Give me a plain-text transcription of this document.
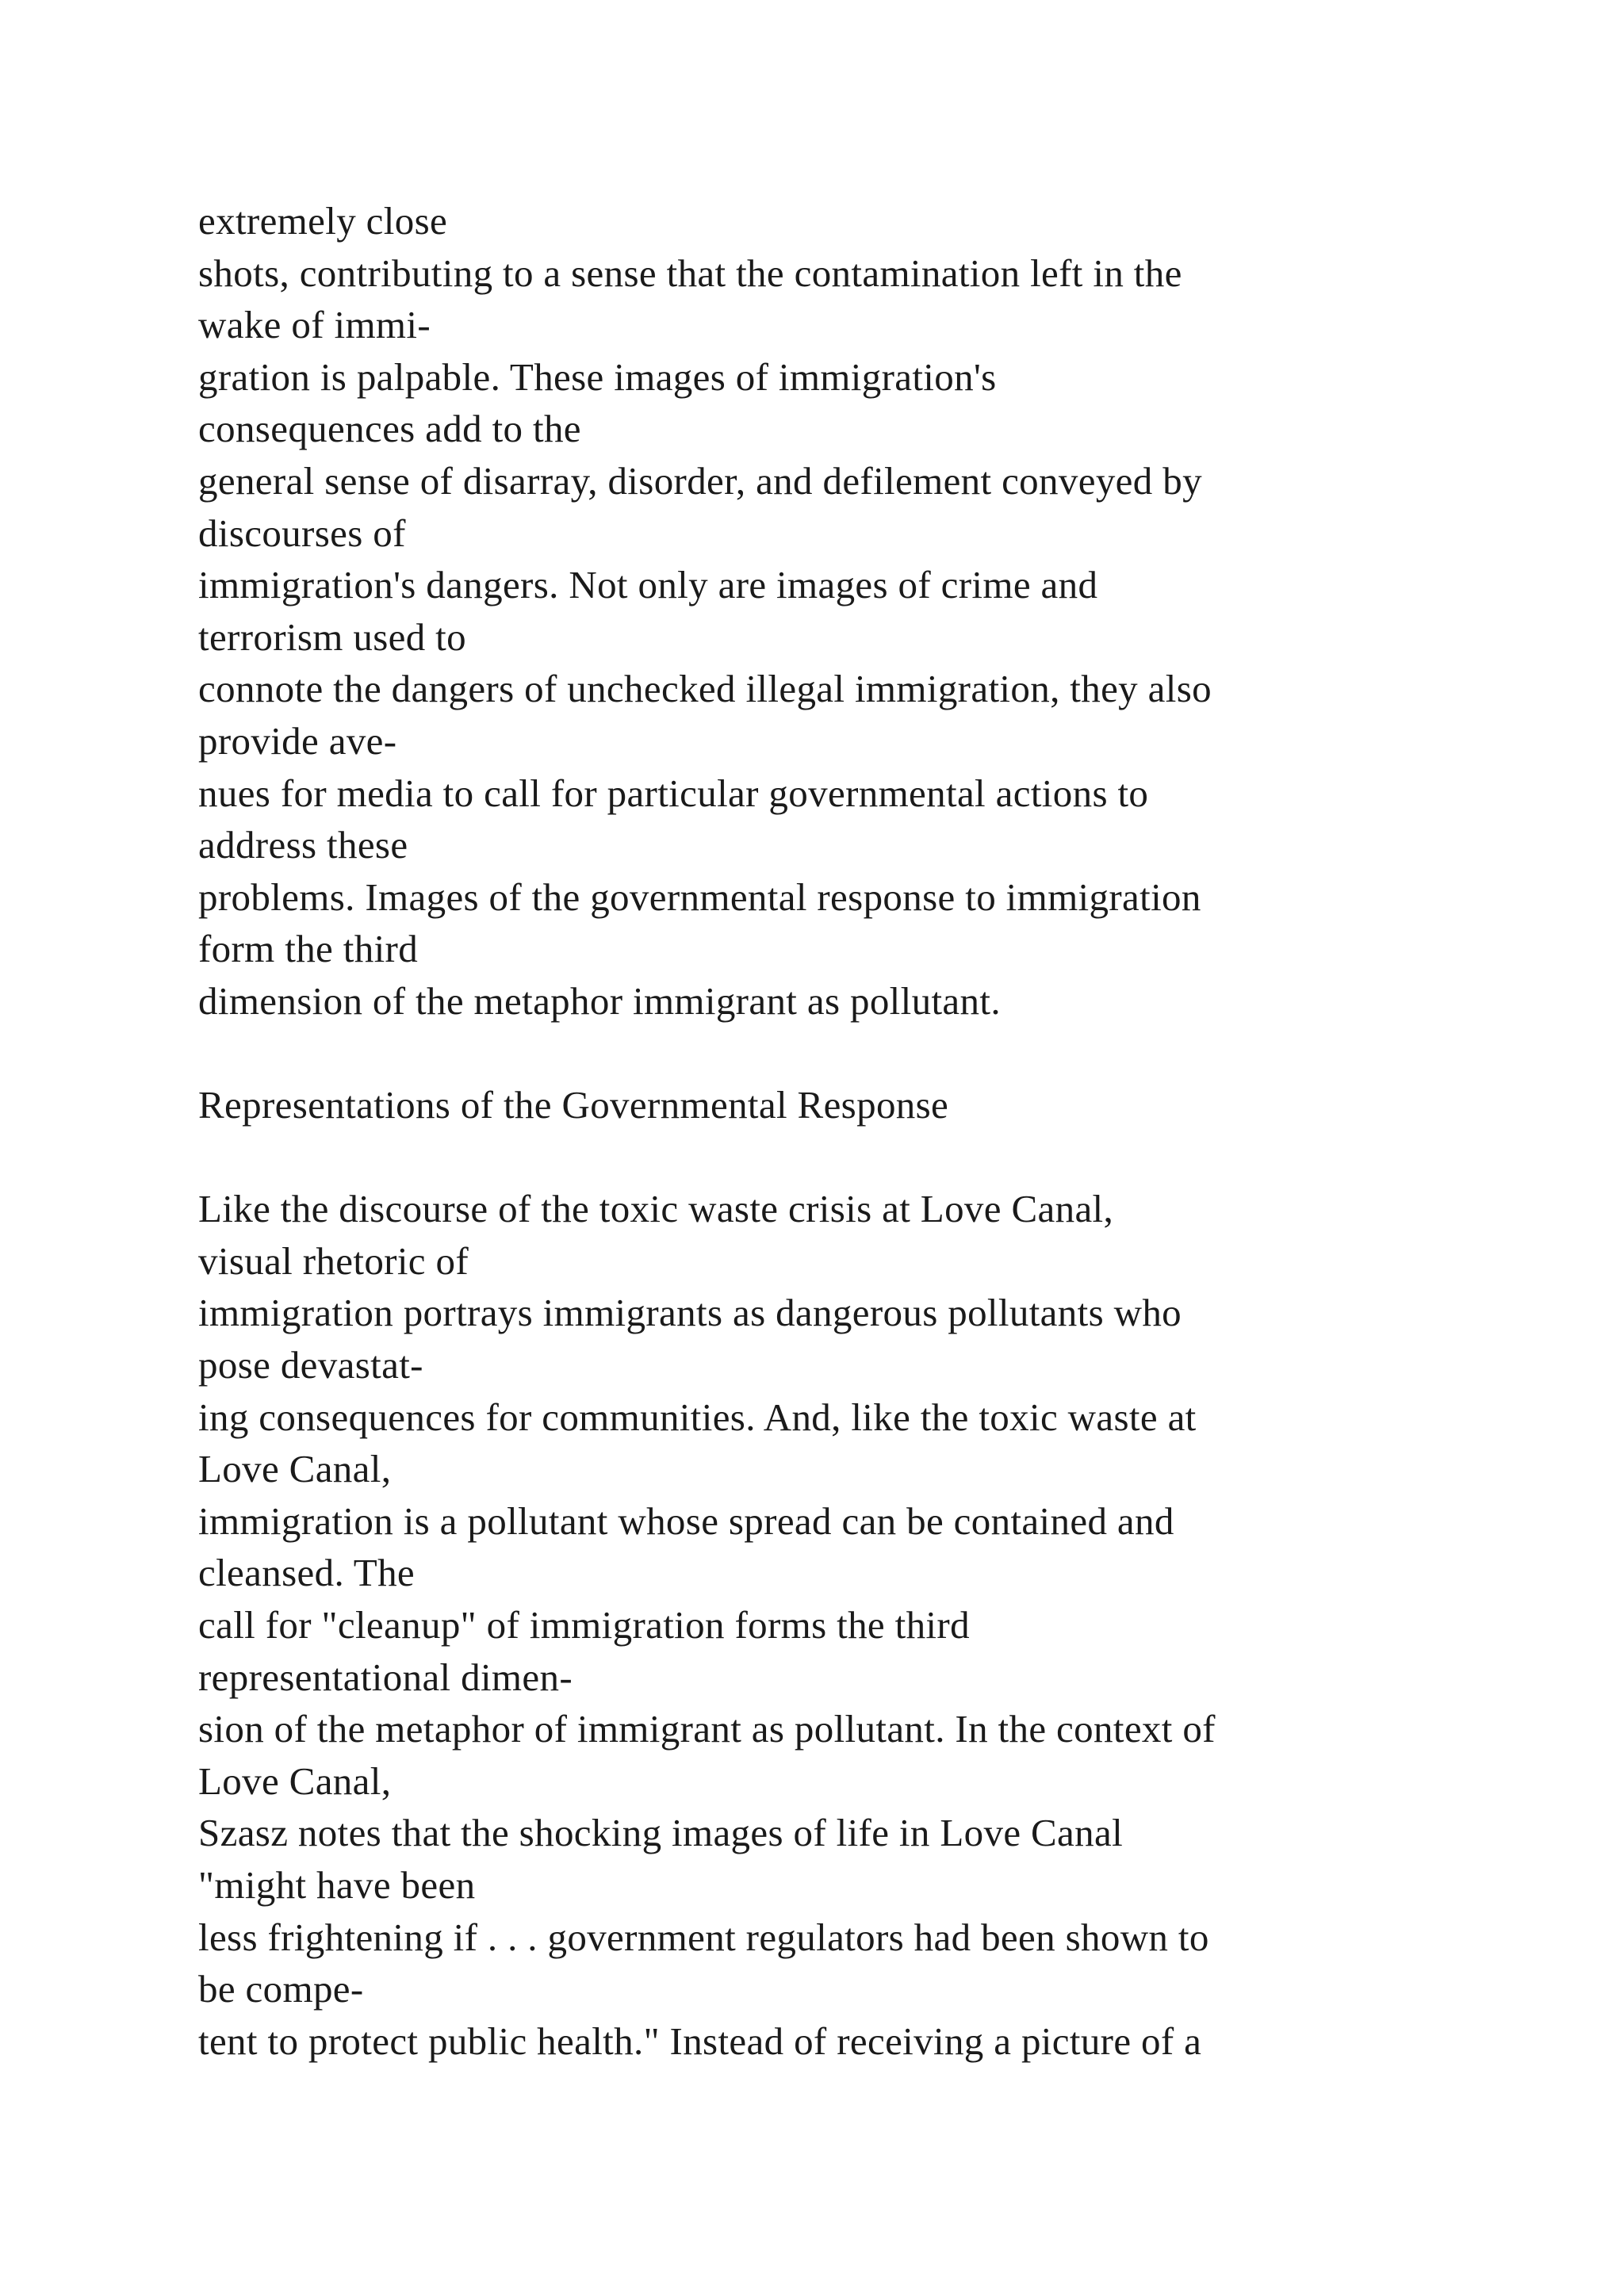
extremely close
shots, contributing to a sense that the contamination left in the
wake of immi-
gration is palpable. These images of immigration's
consequences add to the
general sense of disarray, disorder, and defilement conveyed by
discourses of
immigration's dangers. Not only are images of crime and
terrorism used to
connote the dangers of unchecked illegal immigration, they also
provide ave-
nues for media to call for particular governmental actions to
address these
problems. Images of the governmental response to immigration
form the third
dimension of the metaphor immigrant as pollutant.
Representations of the Governmental Response
Like the discourse of the toxic waste crisis at Love Canal,
visual rhetoric of
immigration portrays immigrants as dangerous pollutants who
pose devastat-
ing consequences for communities. And, like the toxic waste at
Love Canal,
immigration is a pollutant whose spread can be contained and
cleansed. The
call for "cleanup" of immigration forms the third
representational dimen-
sion of the metaphor of immigrant as pollutant. In the context of
Love Canal,
Szasz notes that the shocking images of life in Love Canal
"might have been
less frightening if . . . government regulators had been shown to
be compe-
tent to protect public health." Instead of receiving a picture of a
